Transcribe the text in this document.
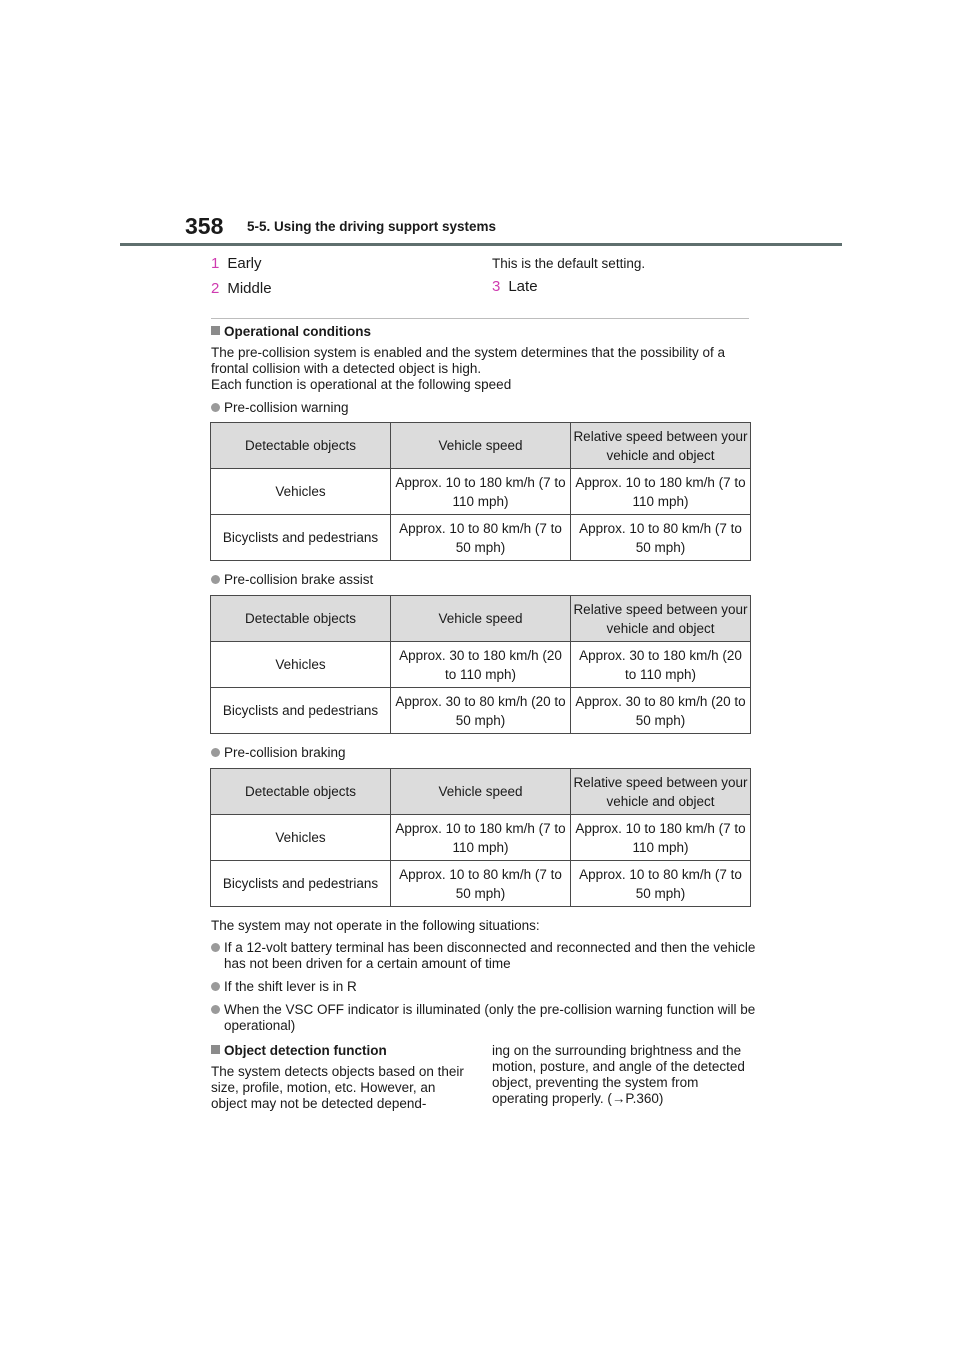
358 5-5. Using the driving support systems
1 Early
2 Middle
This is the default setting.
3 Late
Operational conditions
The pre-collision system is enabled and the system determines that the possibility of a frontal collision with a detected object is high.
Each function is operational at the following speed
Pre-collision warning
Detectable objects	Vehicle speed	Relative speed between your vehicle and object
Vehicles	Approx. 10 to 180 km/h (7 to 110 mph)	Approx. 10 to 180 km/h (7 to 110 mph)
Bicyclists and pedestrians	Approx. 10 to 80 km/h (7 to 50 mph)	Approx. 10 to 80 km/h (7 to 50 mph)
Pre-collision brake assist
Detectable objects	Vehicle speed	Relative speed between your vehicle and object
Vehicles	Approx. 30 to 180 km/h (20 to 110 mph)	Approx. 30 to 180 km/h (20 to 110 mph)
Bicyclists and pedestrians	Approx. 30 to 80 km/h (20 to 50 mph)	Approx. 30 to 80 km/h (20 to 50 mph)
Pre-collision braking
Detectable objects	Vehicle speed	Relative speed between your vehicle and object
Vehicles	Approx. 10 to 180 km/h (7 to 110 mph)	Approx. 10 to 180 km/h (7 to 110 mph)
Bicyclists and pedestrians	Approx. 10 to 80 km/h (7 to 50 mph)	Approx. 10 to 80 km/h (7 to 50 mph)
The system may not operate in the following situations:
If a 12-volt battery terminal has been disconnected and reconnected and then the vehicle has not been driven for a certain amount of time
If the shift lever is in R
When the VSC OFF indicator is illuminated (only the pre-collision warning function will be operational)
Object detection function
The system detects objects based on their size, profile, motion, etc. However, an object may not be detected depend-
ing on the surrounding brightness and the motion, posture, and angle of the detected object, preventing the system from operating properly. (→P.360)
